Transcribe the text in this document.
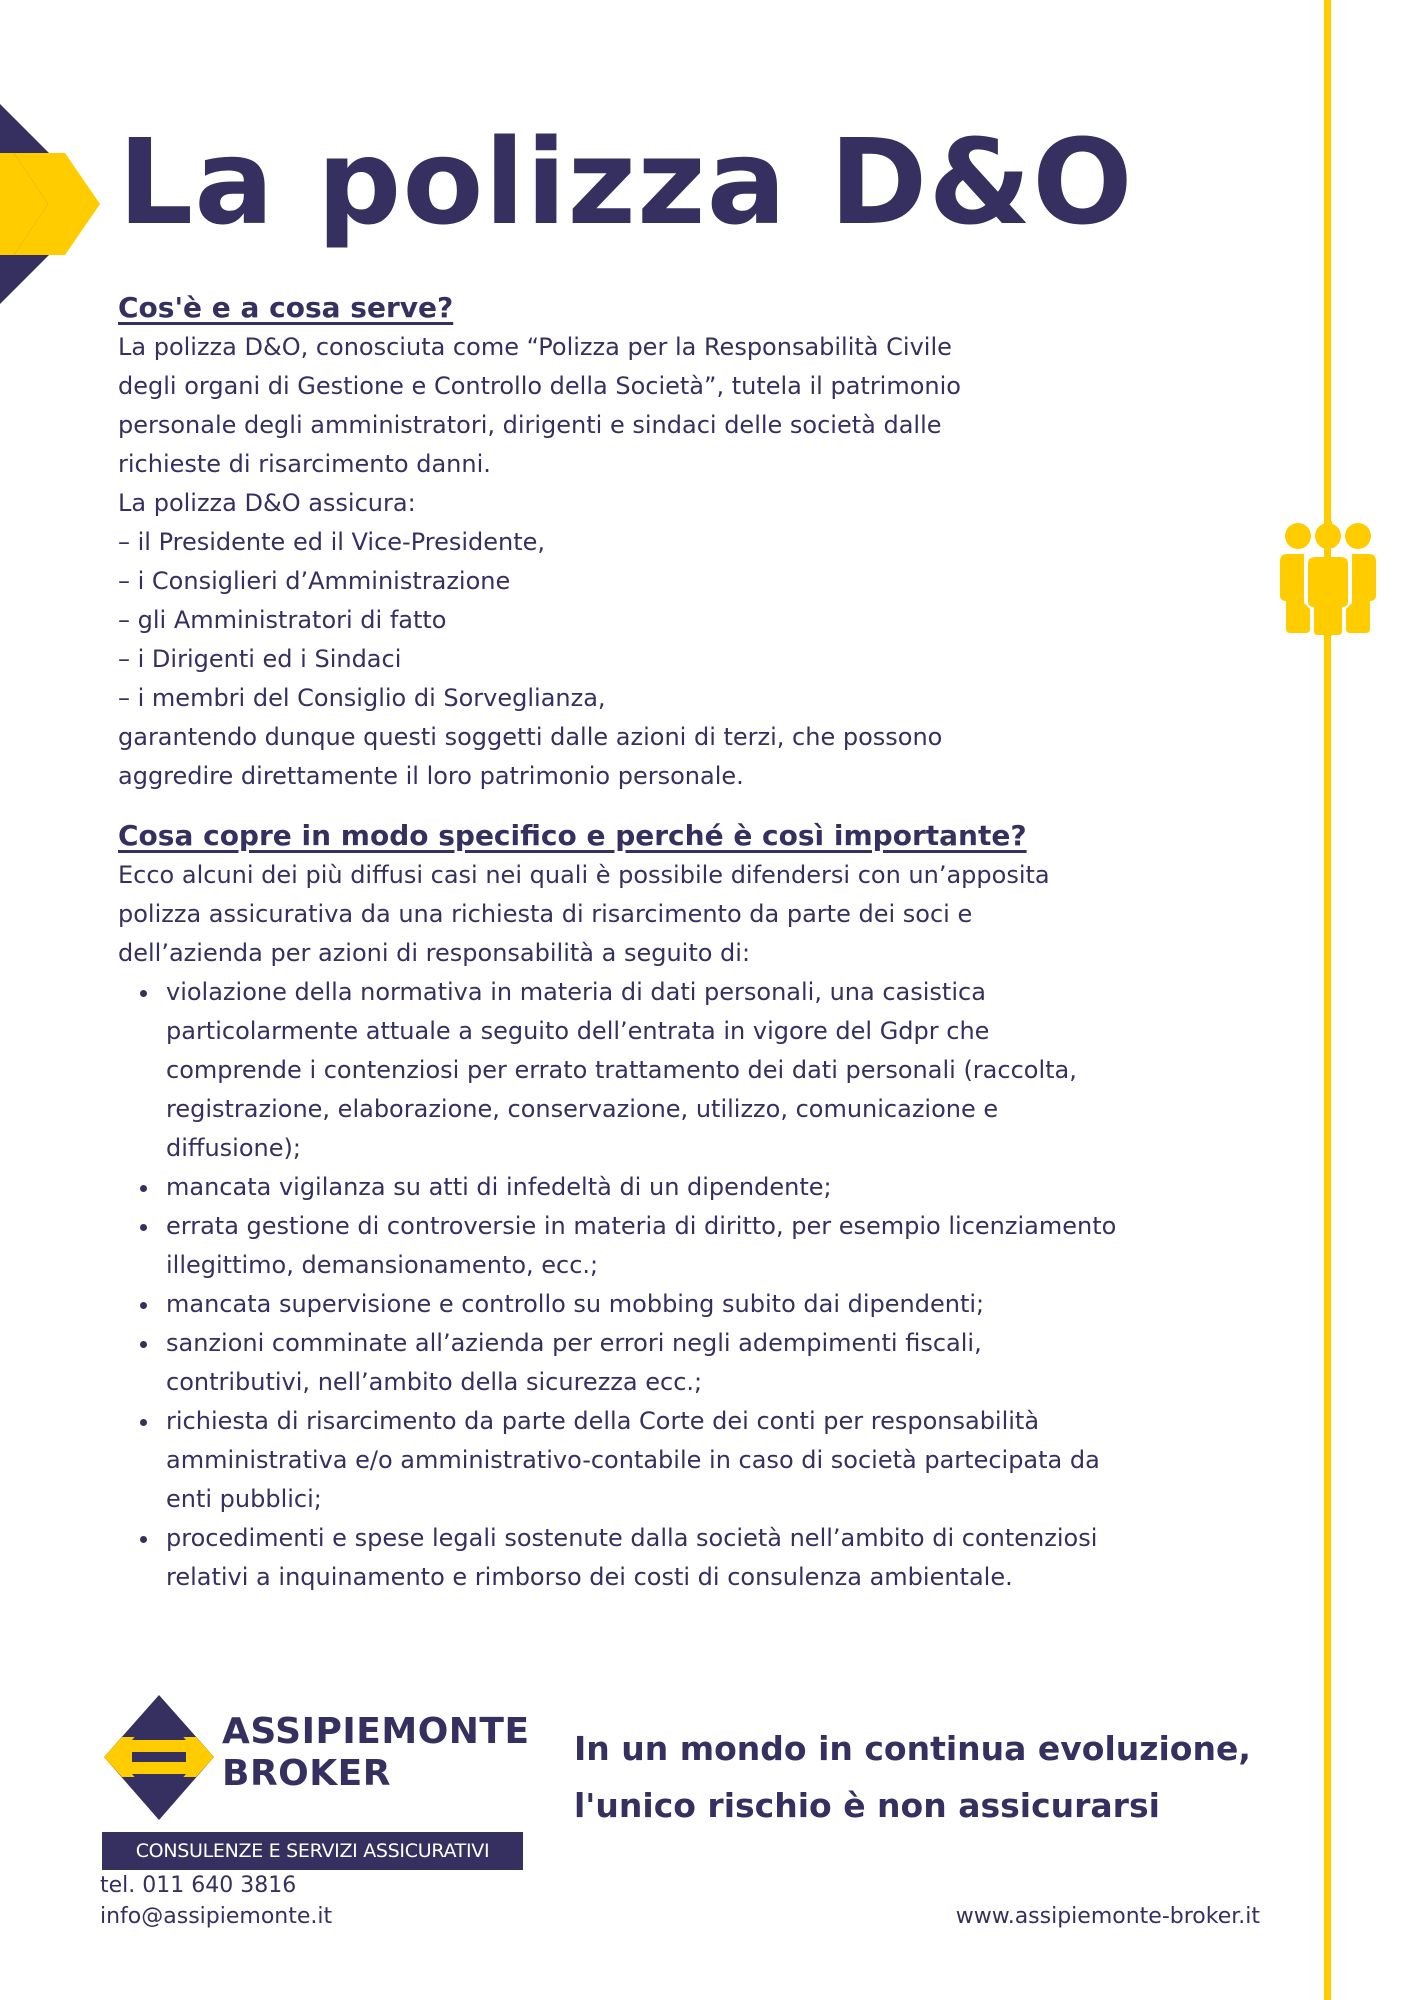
La polizza D&O
Cos'è e a cosa serve?

La polizza D&O, conosciuta come “Polizza per la Responsabilità Civile

degli organi di Gestione e Controllo della Società”, tutela il patrimonio

personale degli amministratori, dirigenti e sindaci delle società dalle

richieste di risarcimento danni.

La polizza D&O assicura:

– il Presidente ed il Vice-Presidente,

– i Consiglieri d’Amministrazione

– gli Amministratori di fatto

– i Dirigenti ed i Sindaci

– i membri del Consiglio di Sorveglianza,

garantendo dunque questi soggetti dalle azioni di terzi, che possono

aggredire direttamente il loro patrimonio personale.

Cosa copre in modo specifico e perché è così importante?

Ecco alcuni dei più diffusi casi nei quali è possibile difendersi con un’apposita

polizza assicurativa da una richiesta di risarcimento da parte dei soci e

dell’azienda per azioni di responsabilità a seguito di:

violazione della normativa in materia di dati personali, una casistica
particolarmente attuale a seguito dell’entrata in vigore del Gdpr che
comprende i contenziosi per errato trattamento dei dati personali (raccolta,
registrazione, elaborazione, conservazione, utilizzo, comunicazione e
diffusione);
mancata vigilanza su atti di infedeltà di un dipendente;
errata gestione di controversie in materia di diritto, per esempio licenziamento
illegittimo, demansionamento, ecc.;
mancata supervisione e controllo su mobbing subito dai dipendenti;
sanzioni comminate all’azienda per errori negli adempimenti fiscali,
contributivi, nell’ambito della sicurezza ecc.;
richiesta di risarcimento da parte della Corte dei conti per responsabilità
amministrativa e/o amministrativo-contabile in caso di società partecipata da
enti pubblici;
procedimenti e spese legali sostenute dalla società nell’ambito di contenziosi
relativi a inquinamento e rimborso dei costi di consulenza ambientale.
ASSIPIEMONTE
BROKER
CONSULENZE E SERVIZI ASSICURATIVI
In un mondo in continua evoluzione,
l'unico rischio è non assicurarsi
tel. 011 640 3816
info@assipiemonte.it	www.assipiemonte-broker.it
